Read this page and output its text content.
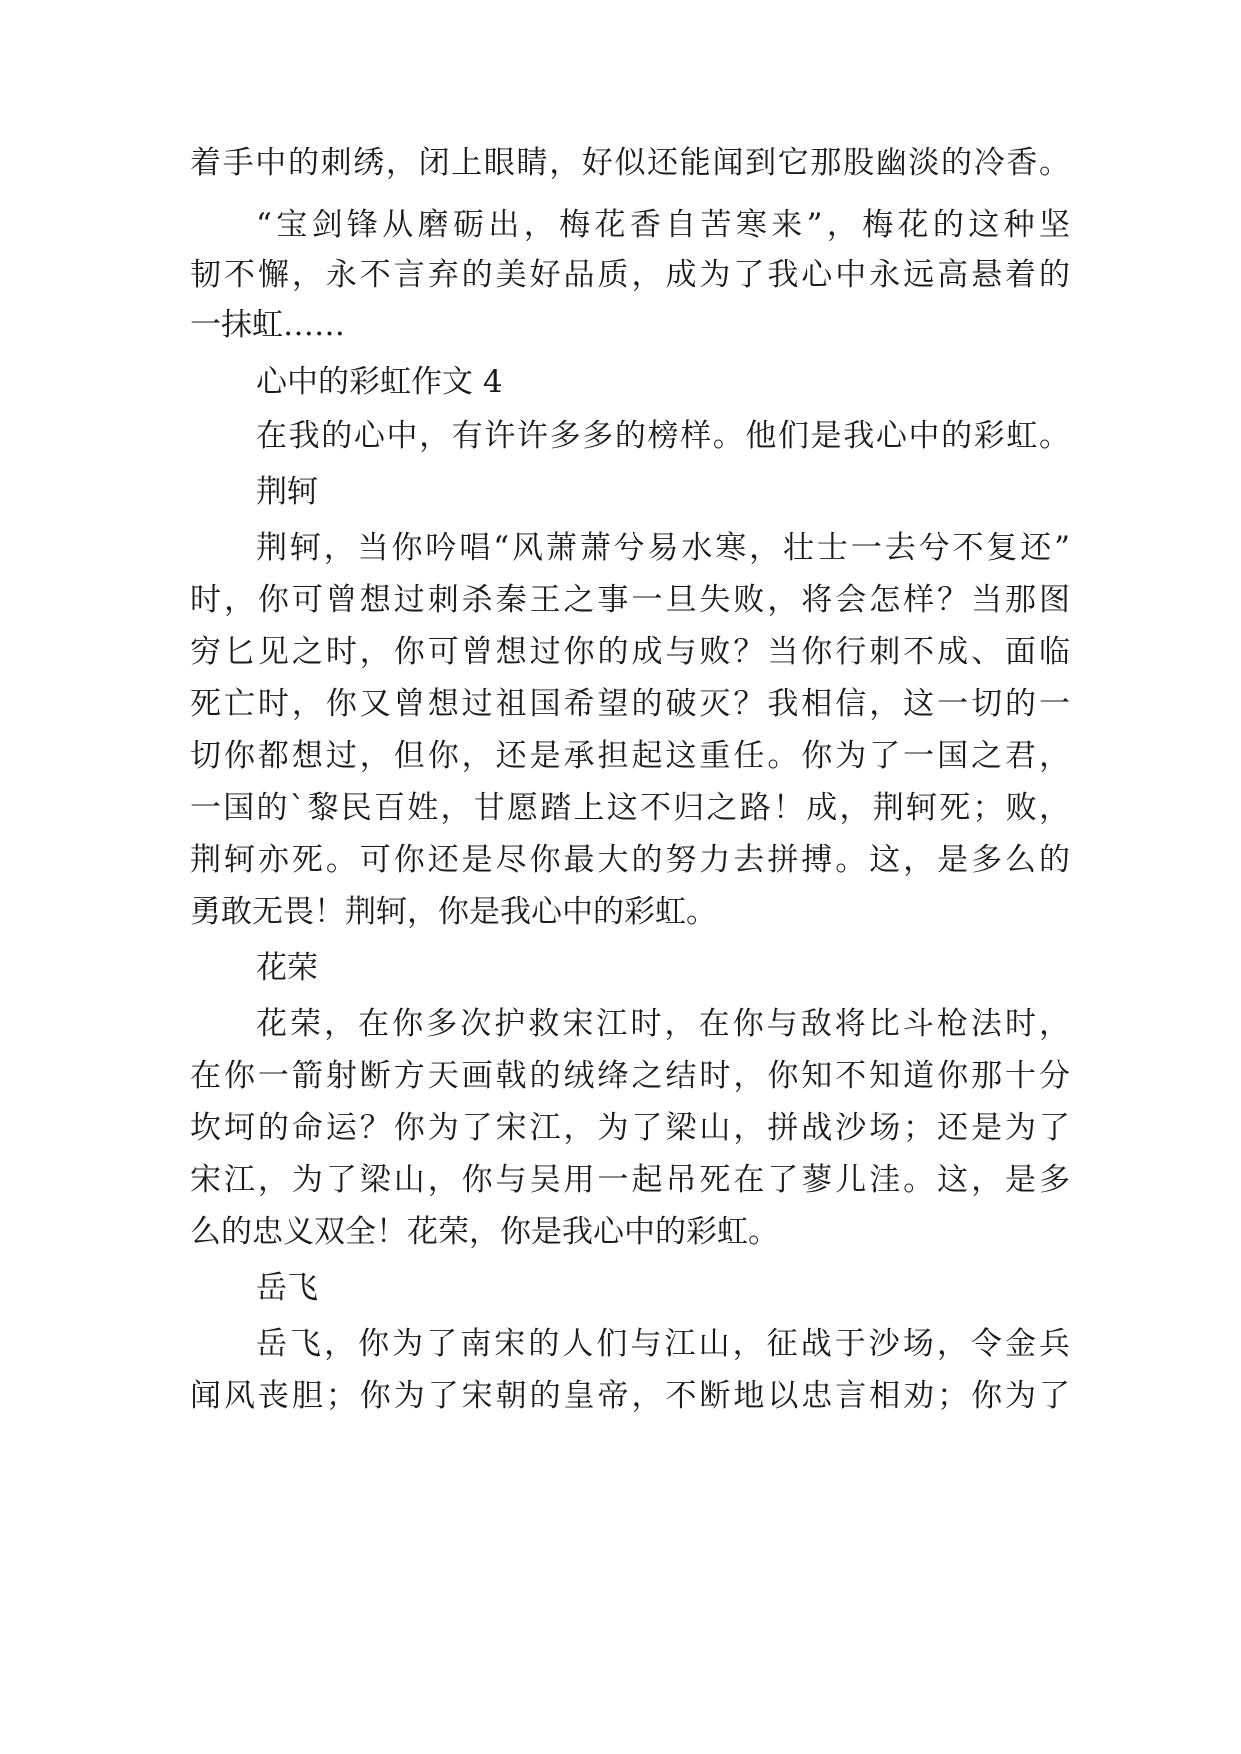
着手中的刺绣，闭上眼睛，好似还能闻到它那股幽淡的冷香。
“宝剑锋从磨砺出，梅花香自苦寒来”，梅花的这种坚
韧不懈，永不言弃的美好品质，成为了我心中永远高悬着的
一抹虹……
心中的彩虹作文 4
在我的心中，有许许多多的榜样。他们是我心中的彩虹。
荆轲
荆轲，当你吟唱“风萧萧兮易水寒，壮士一去兮不复还”
时，你可曾想过刺杀秦王之事一旦失败，将会怎样？当那图
穷匕见之时，你可曾想过你的成与败？当你行刺不成、面临
死亡时，你又曾想过祖国希望的破灭？我相信，这一切的一
切你都想过，但你，还是承担起这重任。你为了一国之君，
一国的`黎民百姓，甘愿踏上这不归之路！成，荆轲死；败，
荆轲亦死。可你还是尽你最大的努力去拼搏。这，是多么的
勇敢无畏！荆轲，你是我心中的彩虹。
花荣
花荣，在你多次护救宋江时，在你与敌将比斗枪法时，
在你一箭射断方天画戟的绒绛之结时，你知不知道你那十分
坎坷的命运？你为了宋江，为了梁山，拼战沙场；还是为了
宋江，为了梁山，你与吴用一起吊死在了蓼儿洼。这，是多
么的忠义双全！花荣，你是我心中的彩虹。
岳飞
岳飞，你为了南宋的人们与江山，征战于沙场，令金兵
闻风丧胆；你为了宋朝的皇帝，不断地以忠言相劝；你为了
